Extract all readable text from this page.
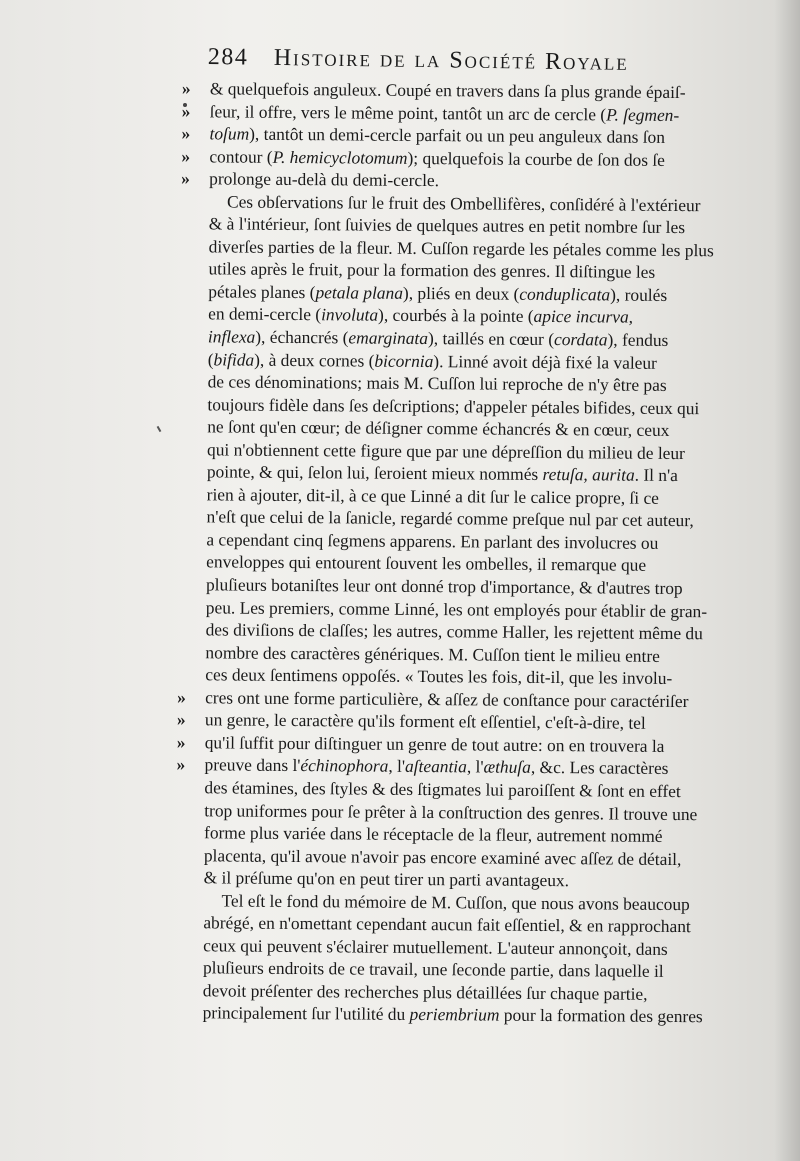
284 Histoire de la Société Royale
» & quelquefois anguleux. Coupé en travers dans ſa plus grande épaiſ-
» ſeur, il offre, vers le même point, tantôt un arc de cercle (P. ſegmen-
» toſum), tantôt un demi-cercle parfait ou un peu anguleux dans ſon
» contour (P. hemicyclotomum); quelquefois la courbe de ſon dos ſe
» prolonge au-delà du demi-cercle.
Ces obſervations ſur le fruit des Ombellifères, conſidéré à l'extérieur
& à l'intérieur, ſont ſuivies de quelques autres en petit nombre ſur les
diverſes parties de la fleur. M. Cuſſon regarde les pétales comme les plus
utiles après le fruit, pour la formation des genres. Il diſtingue les
pétales planes (petala plana), pliés en deux (conduplicata), roulés
en demi-cercle (involuta), courbés à la pointe (apice incurva,
inflexa), échancrés (emarginata), taillés en cœur (cordata), fendus
(bifida), à deux cornes (bicornia). Linné avoit déjà fixé la valeur
de ces dénominations; mais M. Cuſſon lui reproche de n'y être pas
toujours fidèle dans ſes deſcriptions; d'appeler pétales bifides, ceux qui
ne ſont qu'en cœur; de déſigner comme échancrés & en cœur, ceux
qui n'obtiennent cette figure que par une dépreſſion du milieu de leur
pointe, & qui, ſelon lui, ſeroient mieux nommés retuſa, aurita. Il n'a
rien à ajouter, dit-il, à ce que Linné a dit ſur le calice propre, ſi ce
n'eſt que celui de la ſanicle, regardé comme preſque nul par cet auteur,
a cependant cinq ſegmens apparens. En parlant des involucres ou
enveloppes qui entourent ſouvent les ombelles, il remarque que
pluſieurs botaniſtes leur ont donné trop d'importance, & d'autres trop
peu. Les premiers, comme Linné, les ont employés pour établir de gran-
des diviſions de claſſes; les autres, comme Haller, les rejettent même du
nombre des caractères génériques. M. Cuſſon tient le milieu entre
ces deux ſentimens oppoſés. « Toutes les fois, dit-il, que les involu-
» cres ont une forme particulière, & aſſez de conſtance pour caractériſer
» un genre, le caractère qu'ils forment eſt eſſentiel, c'eſt-à-dire, tel
» qu'il ſuffit pour diſtinguer un genre de tout autre: on en trouvera la
» preuve dans l'échinophora, l'aſteantia, l'æthuſa, &c. Les caractères
des étamines, des ſtyles & des ſtigmates lui paroiſſent & ſont en effet
trop uniformes pour ſe prêter à la conſtruction des genres. Il trouve une
forme plus variée dans le réceptacle de la fleur, autrement nommé
placenta, qu'il avoue n'avoir pas encore examiné avec aſſez de détail,
& il préſume qu'on en peut tirer un parti avantageux.
Tel eſt le fond du mémoire de M. Cuſſon, que nous avons beaucoup
abrégé, en n'omettant cependant aucun fait eſſentiel, & en rapprochant
ceux qui peuvent s'éclairer mutuellement. L'auteur annonçoit, dans
pluſieurs endroits de ce travail, une ſeconde partie, dans laquelle il
devoit préſenter des recherches plus détaillées ſur chaque partie,
principalement ſur l'utilité du periembrium pour la formation des genres
